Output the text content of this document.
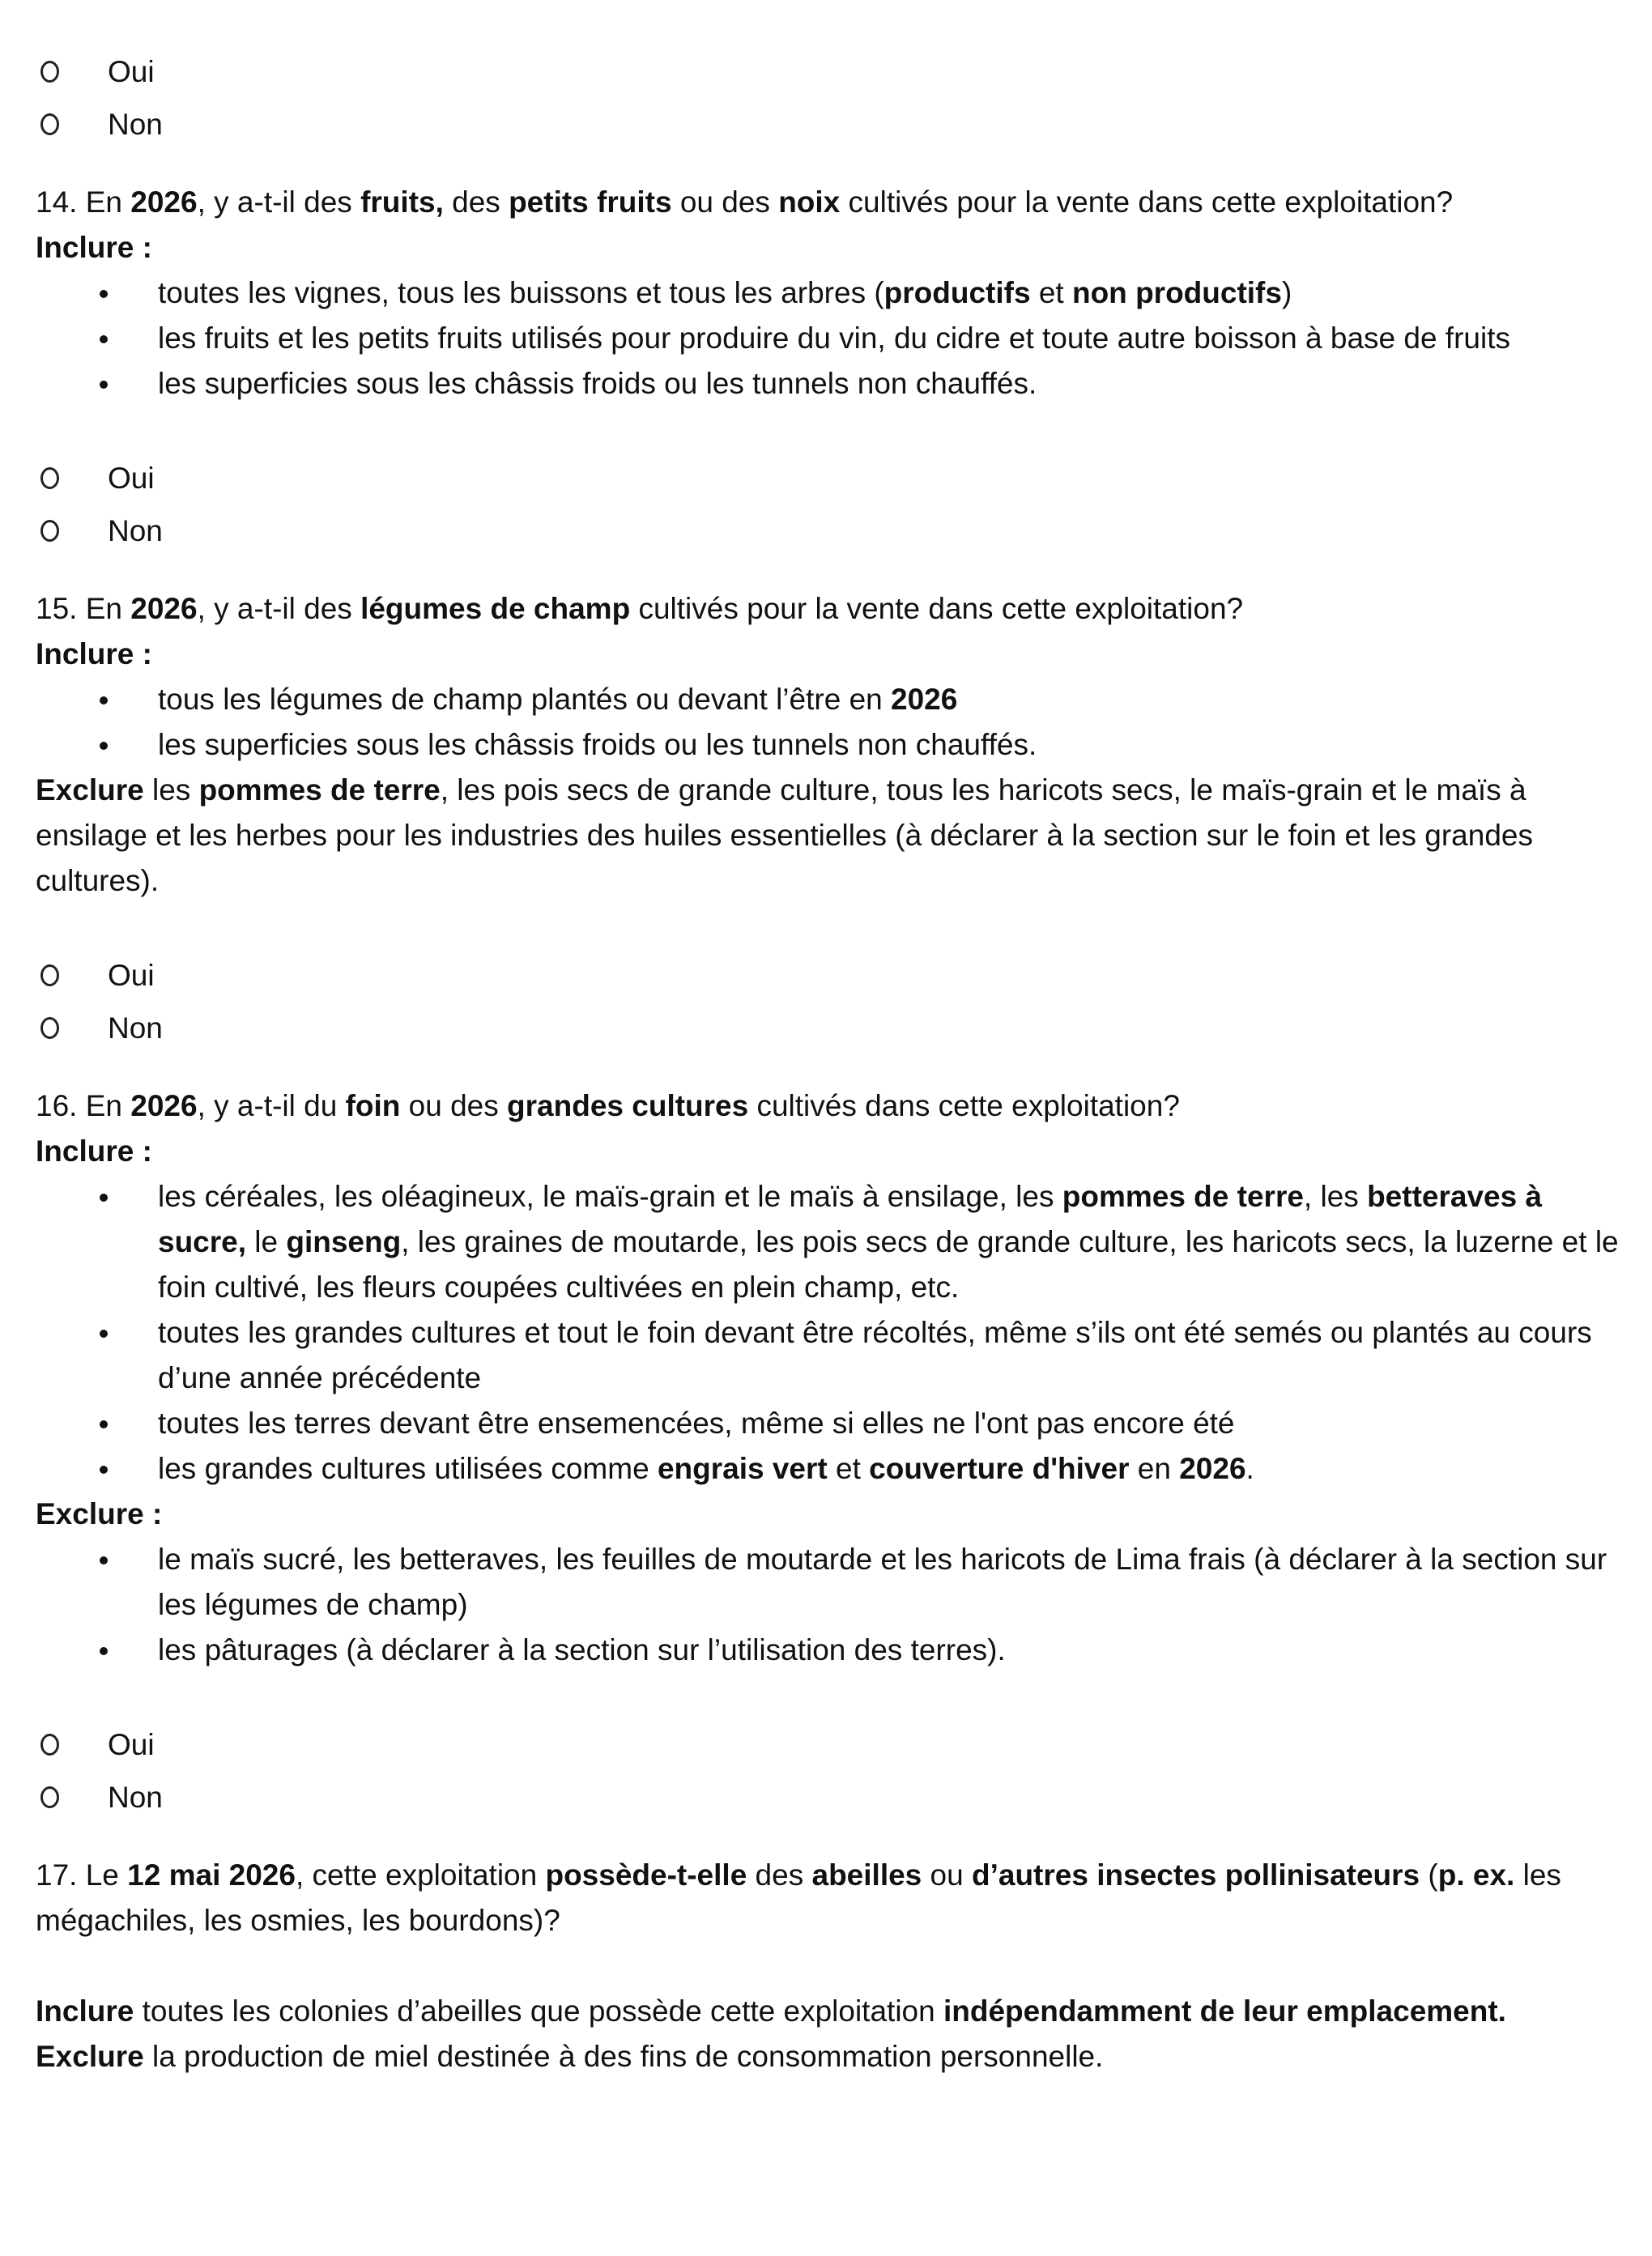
Oui
Non
14. En 2026, y a-t-il des fruits, des petits fruits ou des noix cultivés pour la vente dans cette exploitation?
Inclure :
toutes les vignes, tous les buissons et tous les arbres (productifs et non productifs)
les fruits et les petits fruits utilisés pour produire du vin, du cidre et toute autre boisson à base de fruits
les superficies sous les châssis froids ou les tunnels non chauffés.
Oui
Non
15. En 2026, y a-t-il des légumes de champ cultivés pour la vente dans cette exploitation?
Inclure :
tous les légumes de champ plantés ou devant l’être en 2026
les superficies sous les châssis froids ou les tunnels non chauffés.
Exclure les pommes de terre, les pois secs de grande culture, tous les haricots secs, le maïs-grain et le maïs à ensilage et les herbes pour les industries des huiles essentielles (à déclarer à la section sur le foin et les grandes cultures).
Oui
Non
16. En 2026, y a-t-il du foin ou des grandes cultures cultivés dans cette exploitation?
Inclure :
les céréales, les oléagineux, le maïs-grain et le maïs à ensilage, les pommes de terre, les betteraves à sucre, le ginseng, les graines de moutarde, les pois secs de grande culture, les haricots secs, la luzerne et le foin cultivé, les fleurs coupées cultivées en plein champ, etc.
toutes les grandes cultures et tout le foin devant être récoltés, même s’ils ont été semés ou plantés au cours d’une année précédente
toutes les terres devant être ensemencées, même si elles ne l'ont pas encore été
les grandes cultures utilisées comme engrais vert et couverture d'hiver en 2026.
Exclure :
le maïs sucré, les betteraves, les feuilles de moutarde et les haricots de Lima frais (à déclarer à la section sur les légumes de champ)
les pâturages (à déclarer à la section sur l’utilisation des terres).
Oui
Non
17. Le 12 mai 2026, cette exploitation possède-t-elle des abeilles ou d’autres insectes pollinisateurs (p. ex. les mégachiles, les osmies, les bourdons)?
Inclure toutes les colonies d’abeilles que possède cette exploitation indépendamment de leur emplacement.
Exclure la production de miel destinée à des fins de consommation personnelle.
